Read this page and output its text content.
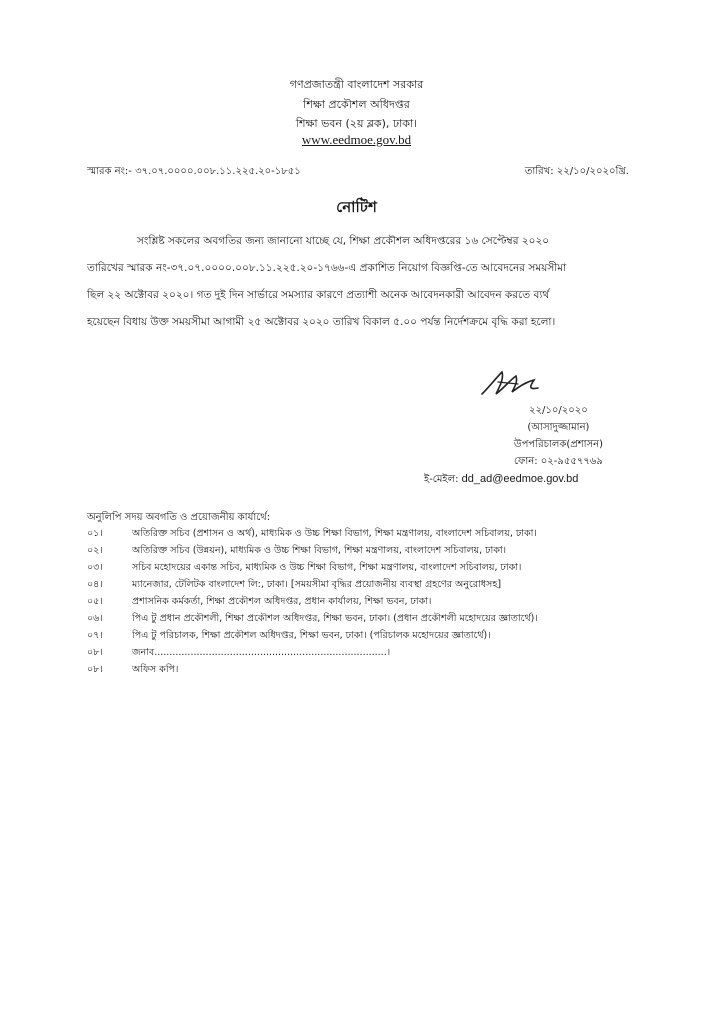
গণপ্রজাতন্ত্রী বাংলাদেশ সরকার
শিক্ষা প্রকৌশল অধিদপ্তর
শিক্ষা ভবন (২য় ব্লক), ঢাকা।
www.eedmoe.gov.bd
স্মারক নং:- ৩৭.০৭.০০০০.০০৮.১১.২২৫.২০-১৮৫১	তারিখ: ২২/১০/২০২০খ্রি.
নোটিশ
সংশ্লিষ্ট সকলের অবগতির জন্য জানানো যাচ্ছে যে, শিক্ষা প্রকৌশল অধিদপ্তরের ১৬ সেপ্টেম্বর ২০২০
তারিখের স্মারক নং-৩৭.০৭.০০০০.০০৮.১১.২২৫.২০-১৭৬৬-এ প্রকাশিত নিয়োগ বিজ্ঞপ্তি-তে আবেদনের সময়সীমা
ছিল ২২ অক্টোবর ২০২০। গত দুই দিন সার্ভারে সমস্যার কারণে প্রত্যাশী অনেক আবেদনকারী আবেদন করতে ব্যর্থ
হয়েছেন বিধায় উক্ত সময়সীমা আগামী ২৫ অক্টোবর ২০২০ তারিখ বিকাল ৫.০০ পর্যন্ত নির্দেশক্রমে বৃদ্ধি করা হলো।
২২/১০/২০২০
(আসাদুজ্জামান)
উপপরিচালক(প্রশাসন)
ফোন: ০২-৯৫৫৭৭৬৯
ই-মেইল: dd_ad@eedmoe.gov.bd
অনুলিপি সদয় অবগতি ও প্রয়োজনীয় কার্যার্থে:
০১।	অতিরিক্ত সচিব (প্রশাসন ও অর্থ), মাধ্যমিক ও উচ্চ শিক্ষা বিভাগ, শিক্ষা মন্ত্রণালয়, বাংলাদেশ সচিবালয়, ঢাকা।
০২।	অতিরিক্ত সচিব (উন্নয়ন), মাধ্যমিক ও উচ্চ শিক্ষা বিভাগ, শিক্ষা মন্ত্রণালয়, বাংলাদেশ সচিবালয়, ঢাকা।
০৩।	সচিব মহোদয়ের একান্ত সচিব, মাধ্যমিক ও উচ্চ শিক্ষা বিভাগ, শিক্ষা মন্ত্রণালয়, বাংলাদেশ সচিবালয়, ঢাকা।
০৪।	ম্যানেজার, টেলিটক বাংলাদেশ লি:, ঢাকা। [সময়সীমা বৃদ্ধির প্রয়োজনীয় ব্যবস্থা গ্রহণের অনুরোধসহ]
০৫।	প্রশাসনিক কর্মকর্তা, শিক্ষা প্রকৌশল অধিদপ্তর, প্রধান কার্যালয়, শিক্ষা ভবন, ঢাকা।
০৬।	পিএ টু প্রধান প্রকৌশলী, শিক্ষা প্রকৌশল অধিদপ্তর, শিক্ষা ভবন, ঢাকা। (প্রধান প্রকৌশলী মহোদয়ের জ্ঞাতার্থে)।
০৭।	পিএ টু পরিচালক, শিক্ষা প্রকৌশল অধিদপ্তর, শিক্ষা ভবন, ঢাকা। (পরিচালক মহোদয়ের জ্ঞাতার্থে)।
০৮।	জনাব.............................................................................।
০৮।	অফিস কপি।
